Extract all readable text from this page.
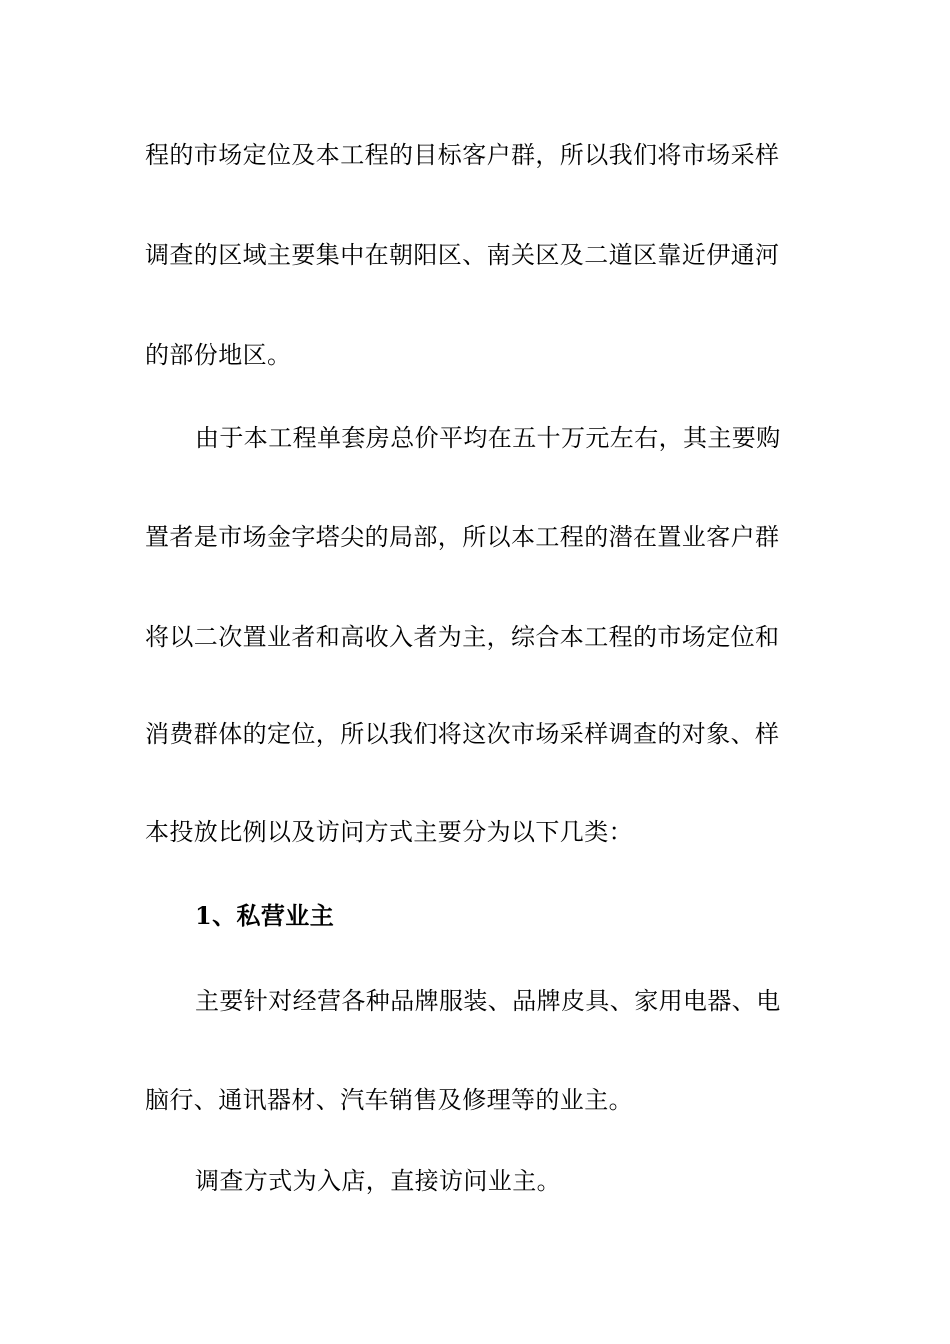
程的市场定位及本工程的目标客户群，所以我们将市场采样
调查的区域主要集中在朝阳区、南关区及二道区靠近伊通河
的部份地区。
由于本工程单套房总价平均在五十万元左右，其主要购
置者是市场金字塔尖的局部，所以本工程的潜在置业客户群
将以二次置业者和高收入者为主，综合本工程的市场定位和
消费群体的定位，所以我们将这次市场采样调查的对象、样
本投放比例以及访问方式主要分为以下几类：
1、私营业主
主要针对经营各种品牌服装、品牌皮具、家用电器、电
脑行、通讯器材、汽车销售及修理等的业主。
调查方式为入店，直接访问业主。
